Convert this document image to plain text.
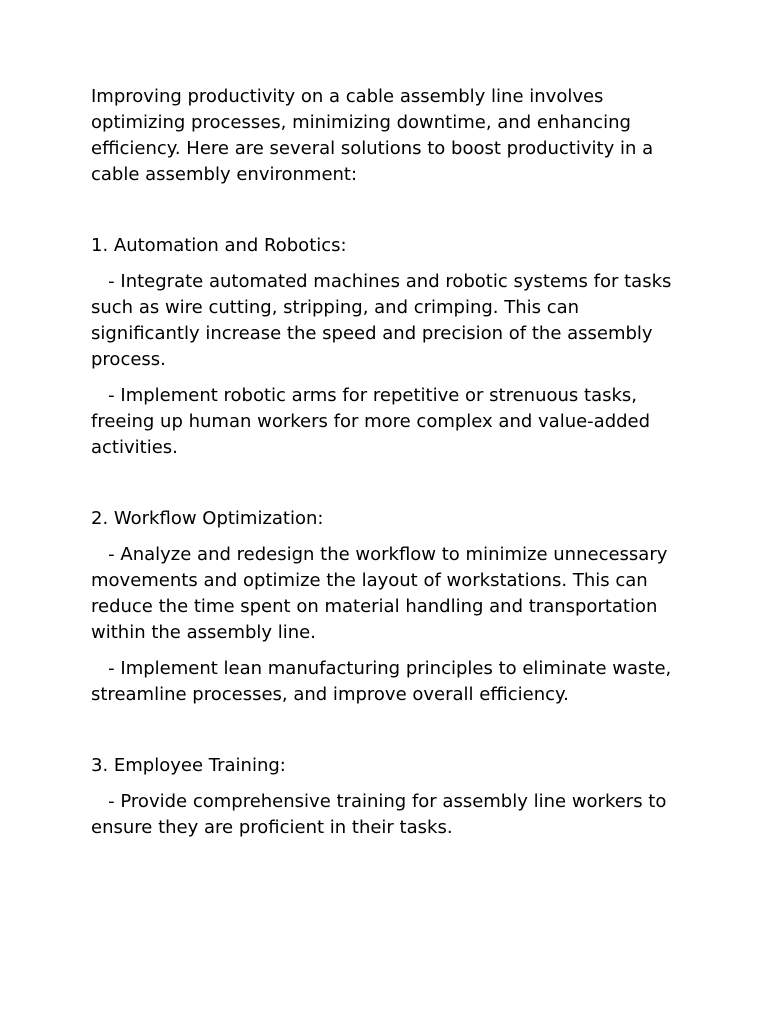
Improving productivity on a cable assembly line involves optimizing processes, minimizing downtime, and enhancing efficiency. Here are several solutions to boost productivity in a cable assembly environment:

1. Automation and Robotics:

- Integrate automated machines and robotic systems for tasks such as wire cutting, stripping, and crimping. This can significantly increase the speed and precision of the assembly process.

- Implement robotic arms for repetitive or strenuous tasks, freeing up human workers for more complex and value-added activities.

2. Workflow Optimization:

- Analyze and redesign the workflow to minimize unnecessary movements and optimize the layout of workstations. This can reduce the time spent on material handling and transportation within the assembly line.

- Implement lean manufacturing principles to eliminate waste, streamline processes, and improve overall efficiency.

3. Employee Training:

- Provide comprehensive training for assembly line workers to ensure they are proficient in their tasks.
